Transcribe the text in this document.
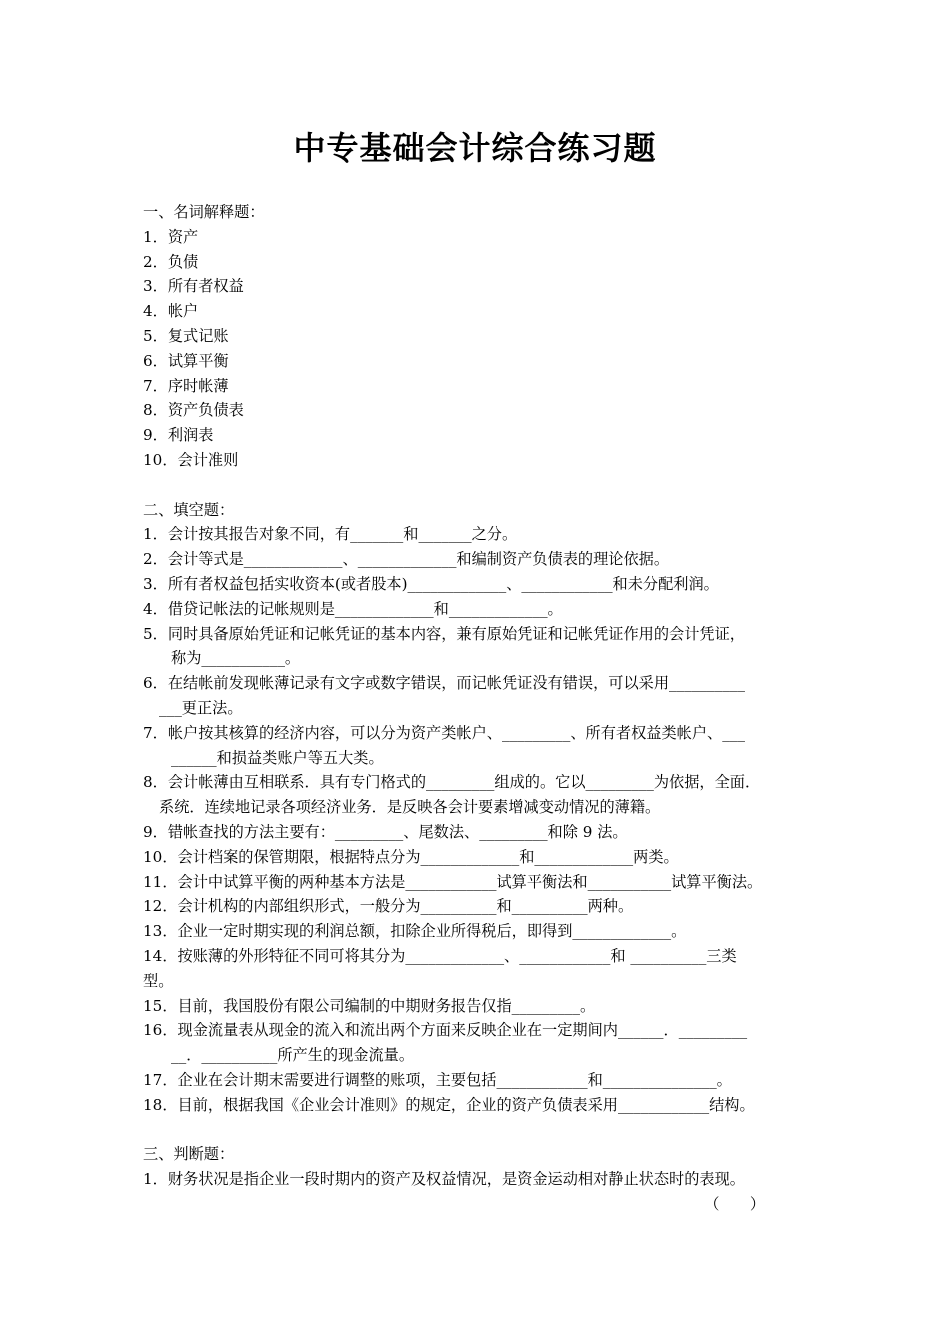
中专基础会计综合练习题
一、名词解释题：
1．资产
2．负债
3．所有者权益
4．帐户
5．复式记账
6．试算平衡
7．序时帐薄
8．资产负债表
9．利润表
10．会计准则
二、填空题：
1．会计按其报告对象不同，有_______和_______之分。
2．会计等式是_____________、_____________和编制资产负债表的理论依据。
3．所有者权益包括实收资本(或者股本)_____________、____________和未分配利润。
4．借贷记帐法的记帐规则是_____________和_____________。
5．同时具备原始凭证和记帐凭证的基本内容，兼有原始凭证和记帐凭证作用的会计凭证，
称为___________。
6．在结帐前发现帐薄记录有文字或数字错误，而记帐凭证没有错误，可以采用__________
___更正法。
7．帐户按其核算的经济内容，可以分为资产类帐户、_________、所有者权益类帐户、___
______和损益类账户等五大类。
8．会计帐薄由互相联系．具有专门格式的_________组成的。它以_________为依据，全面．
系统．连续地记录各项经济业务．是反映各会计要素增减变动情况的薄籍。
9．错帐查找的方法主要有：_________、尾数法、_________和除 9 法。
10．会计档案的保管期限，根据特点分为_____________和_____________两类。
11．会计中试算平衡的两种基本方法是____________试算平衡法和___________试算平衡法。
12．会计机构的内部组织形式，一般分为__________和__________两种。
13．企业一定时期实现的利润总额，扣除企业所得税后，即得到_____________。
14．按账薄的外形特征不同可将其分为_____________、____________和 __________三类
型。
15．目前，我国股份有限公司编制的中期财务报告仅指_________。
16．现金流量表从现金的流入和流出两个方面来反映企业在一定期间内______．_________
__．__________所产生的现金流量。
17．企业在会计期末需要进行调整的账项，主要包括____________和_______________。
18．目前，根据我国《企业会计准则》的规定，企业的资产负债表采用____________结构。
三、判断题：
1．财务状况是指企业一段时期内的资产及权益情况，是资金运动相对静止状态时的表现。
（　　）
